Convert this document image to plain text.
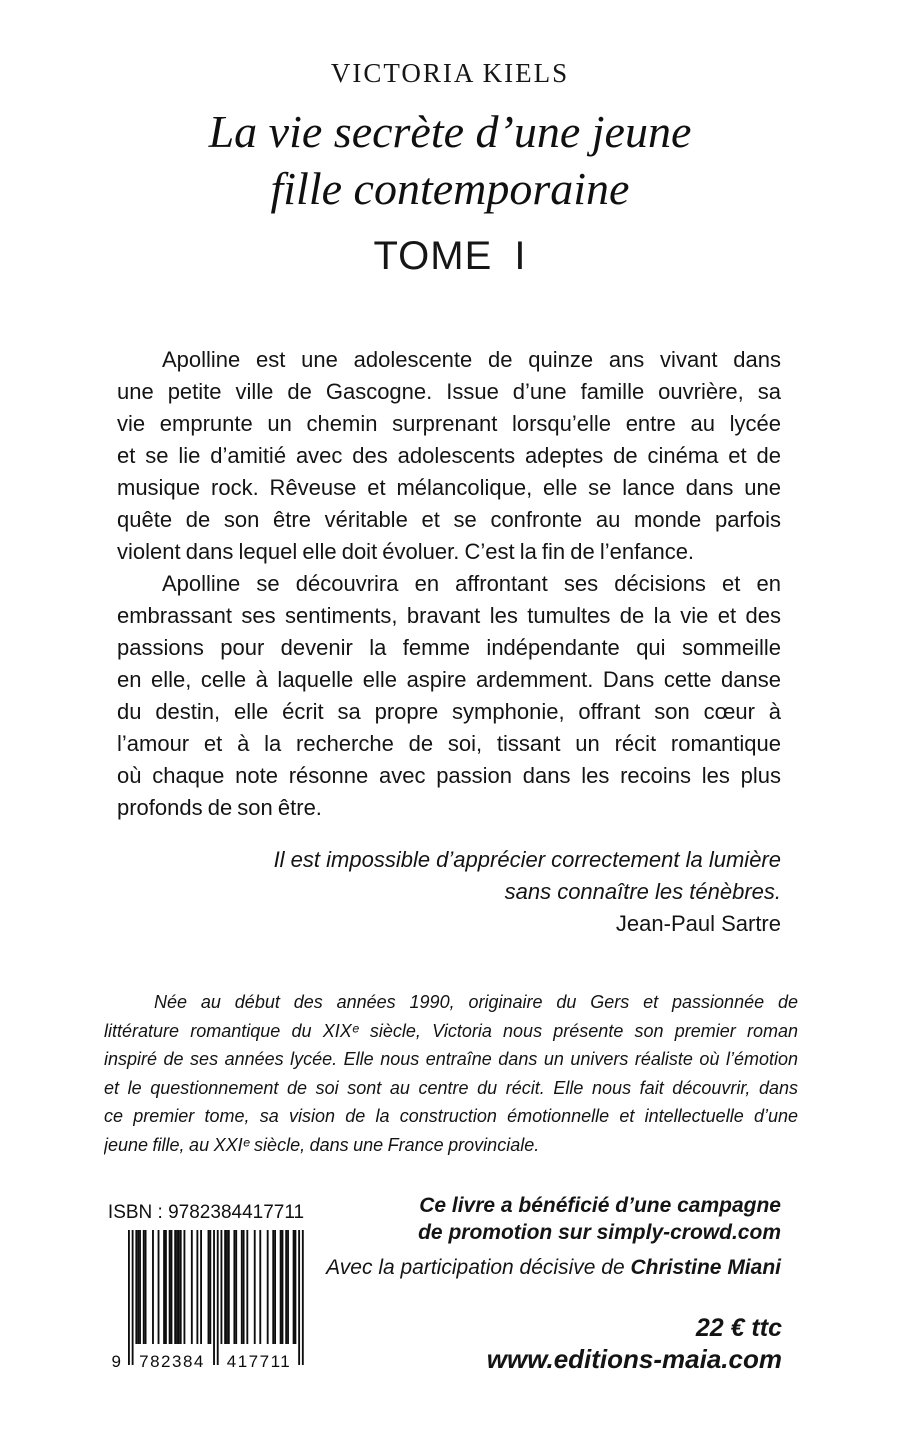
VICTORIA KIELS
La vie secrète d’une jeune
fille contemporaine
TOME I
Apolline est une adolescente de quinze ans vivant dans
une petite ville de Gascogne. Issue d’une famille ouvrière, sa
vie emprunte un chemin surprenant lorsqu’elle entre au lycée
et se lie d’amitié avec des adolescents adeptes de cinéma et de
musique rock. Rêveuse et mélancolique, elle se lance dans une
quête de son être véritable et se confronte au monde parfois
violent dans lequel elle doit évoluer. C’est la fin de l’enfance.
Apolline se découvrira en affrontant ses décisions et en
embrassant ses sentiments, bravant les tumultes de la vie et des
passions pour devenir la femme indépendante qui sommeille
en elle, celle à laquelle elle aspire ardemment. Dans cette danse
du destin, elle écrit sa propre symphonie, offrant son cœur à
l’amour et à la recherche de soi, tissant un récit romantique
où chaque note résonne avec passion dans les recoins les plus
profonds de son être.
Il est impossible d’apprécier correctement la lumière
sans connaître les ténèbres.
Jean-Paul Sartre
Née au début des années 1990, originaire du Gers et passionnée de
littérature romantique du XIXᵉ siècle, Victoria nous présente son premier roman
inspiré de ses années lycée. Elle nous entraîne dans un univers réaliste où l’émotion
et le questionnement de soi sont au centre du récit. Elle nous fait découvrir, dans
ce premier tome, sa vision de la construction émotionnelle et intellectuelle d’une
jeune fille, au XXIᵉ siècle, dans une France provinciale.
ISBN : 9782384417711
9 782384 417711
Ce livre a bénéficié d’une campagne
de promotion sur simply-crowd.com
Avec la participation décisive de Christine Miani
22 € ttc
www.editions-maia.com
